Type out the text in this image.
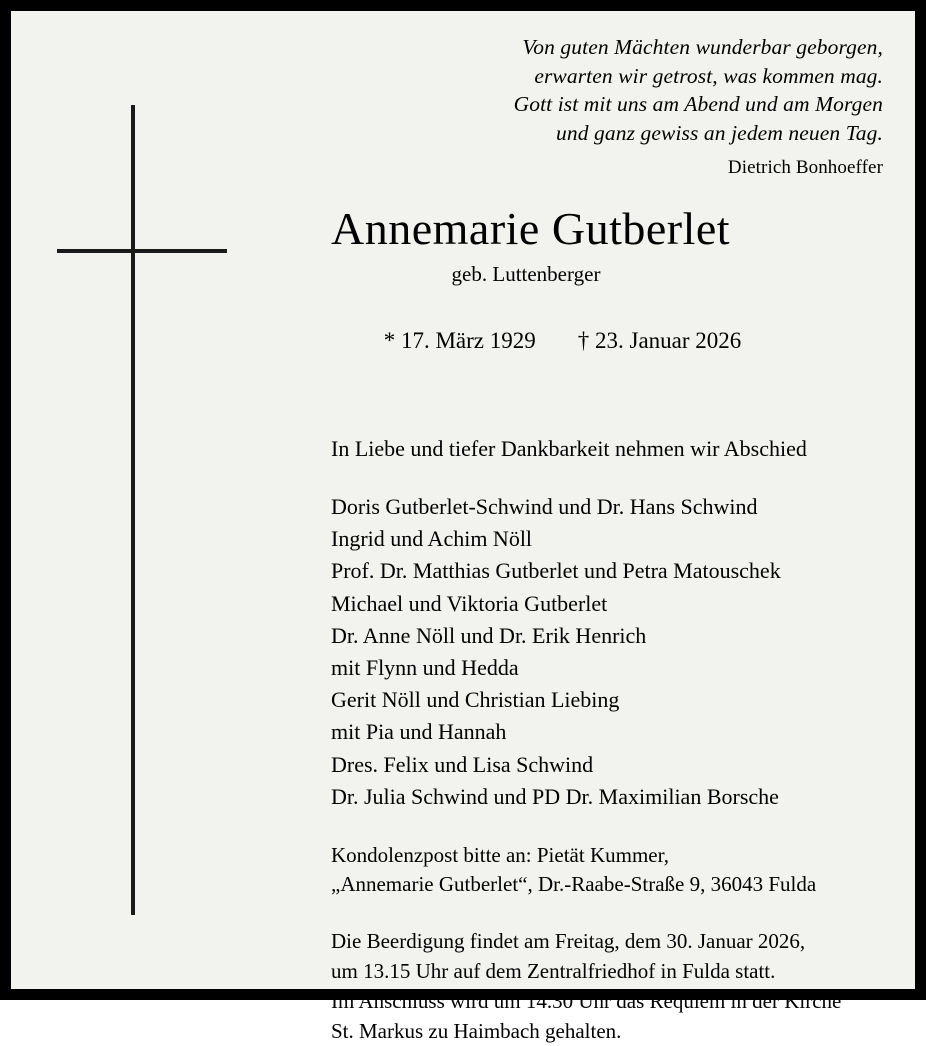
Von guten Mächten wunderbar geborgen,
erwarten wir getrost, was kommen mag.
Gott ist mit uns am Abend und am Morgen
und ganz gewiss an jedem neuen Tag.
Dietrich Bonhoeffer
Annemarie Gutberlet
geb. Luttenberger

* 17. März 1929 † 23. Januar 2026

In Liebe und tiefer Dankbarkeit nehmen wir Abschied
Doris Gutberlet-Schwind und Dr. Hans Schwind
Ingrid und Achim Nöll
Prof. Dr. Matthias Gutberlet und Petra Matouschek
Michael und Viktoria Gutberlet
Dr. Anne Nöll und Dr. Erik Henrich
mit Flynn und Hedda
Gerit Nöll und Christian Liebing
mit Pia und Hannah
Dres. Felix und Lisa Schwind
Dr. Julia Schwind und PD Dr. Maximilian Borsche
Kondolenzpost bitte an: Pietät Kummer,
„Annemarie Gutberlet“, Dr.-Raabe-Straße 9, 36043 Fulda
Die Beerdigung findet am Freitag, dem 30. Januar 2026,
um 13.15 Uhr auf dem Zentralfriedhof in Fulda statt.
Im Anschluss wird um 14.30 Uhr das Requiem in der Kirche
St. Markus zu Haimbach gehalten.
